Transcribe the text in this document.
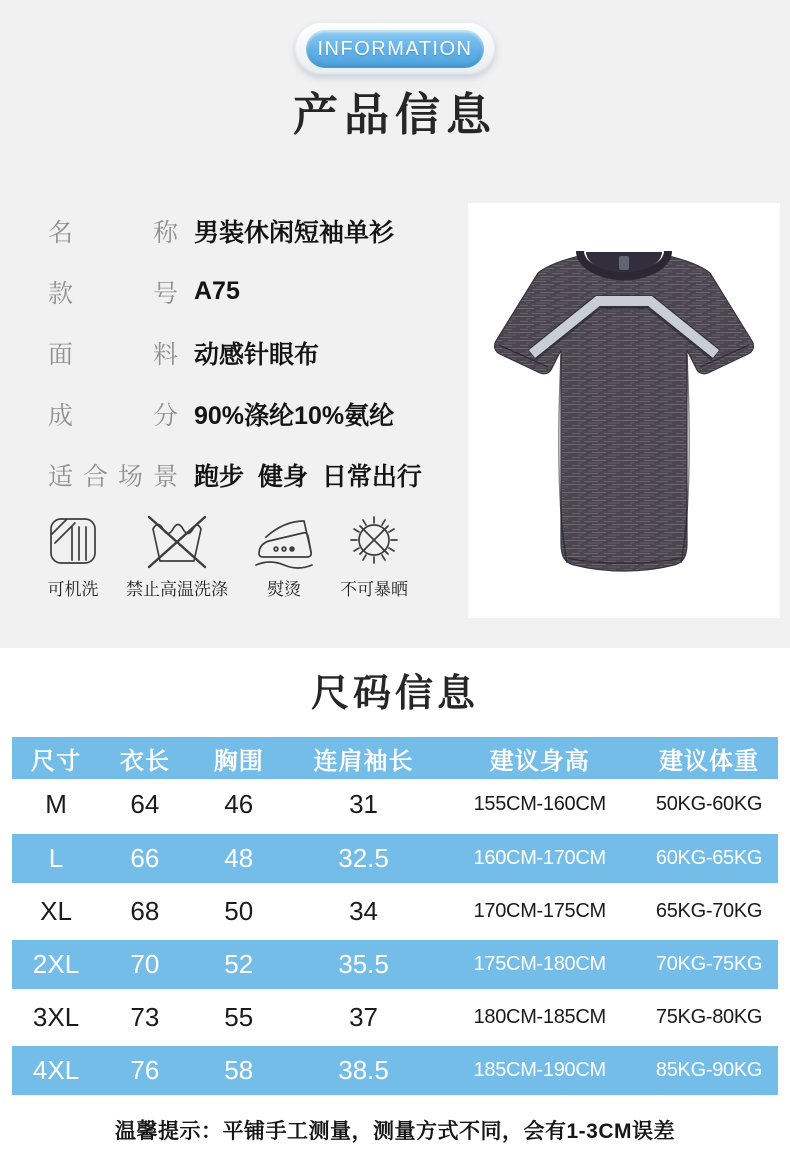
INFORMATION
产品信息
名称 男装休闲短袖单衫
款号 A75
面料 动感针眼布
成分 90%涤纶10%氨纶
适合场景 跑步 健身 日常出行
可机洗 禁止高温洗涤 熨烫 不可暴晒
尺码信息
尺寸	衣长	胸围	连肩袖长	建议身高	建议体重
M	64	46	31	155CM-160CM	50KG-60KG
L	66	48	32.5	160CM-170CM	60KG-65KG
XL	68	50	34	170CM-175CM	65KG-70KG
2XL	70	52	35.5	175CM-180CM	70KG-75KG
3XL	73	55	37	180CM-185CM	75KG-80KG
4XL	76	58	38.5	185CM-190CM	85KG-90KG

温馨提示：平铺手工测量，测量方式不同，会有1-3CM误差
